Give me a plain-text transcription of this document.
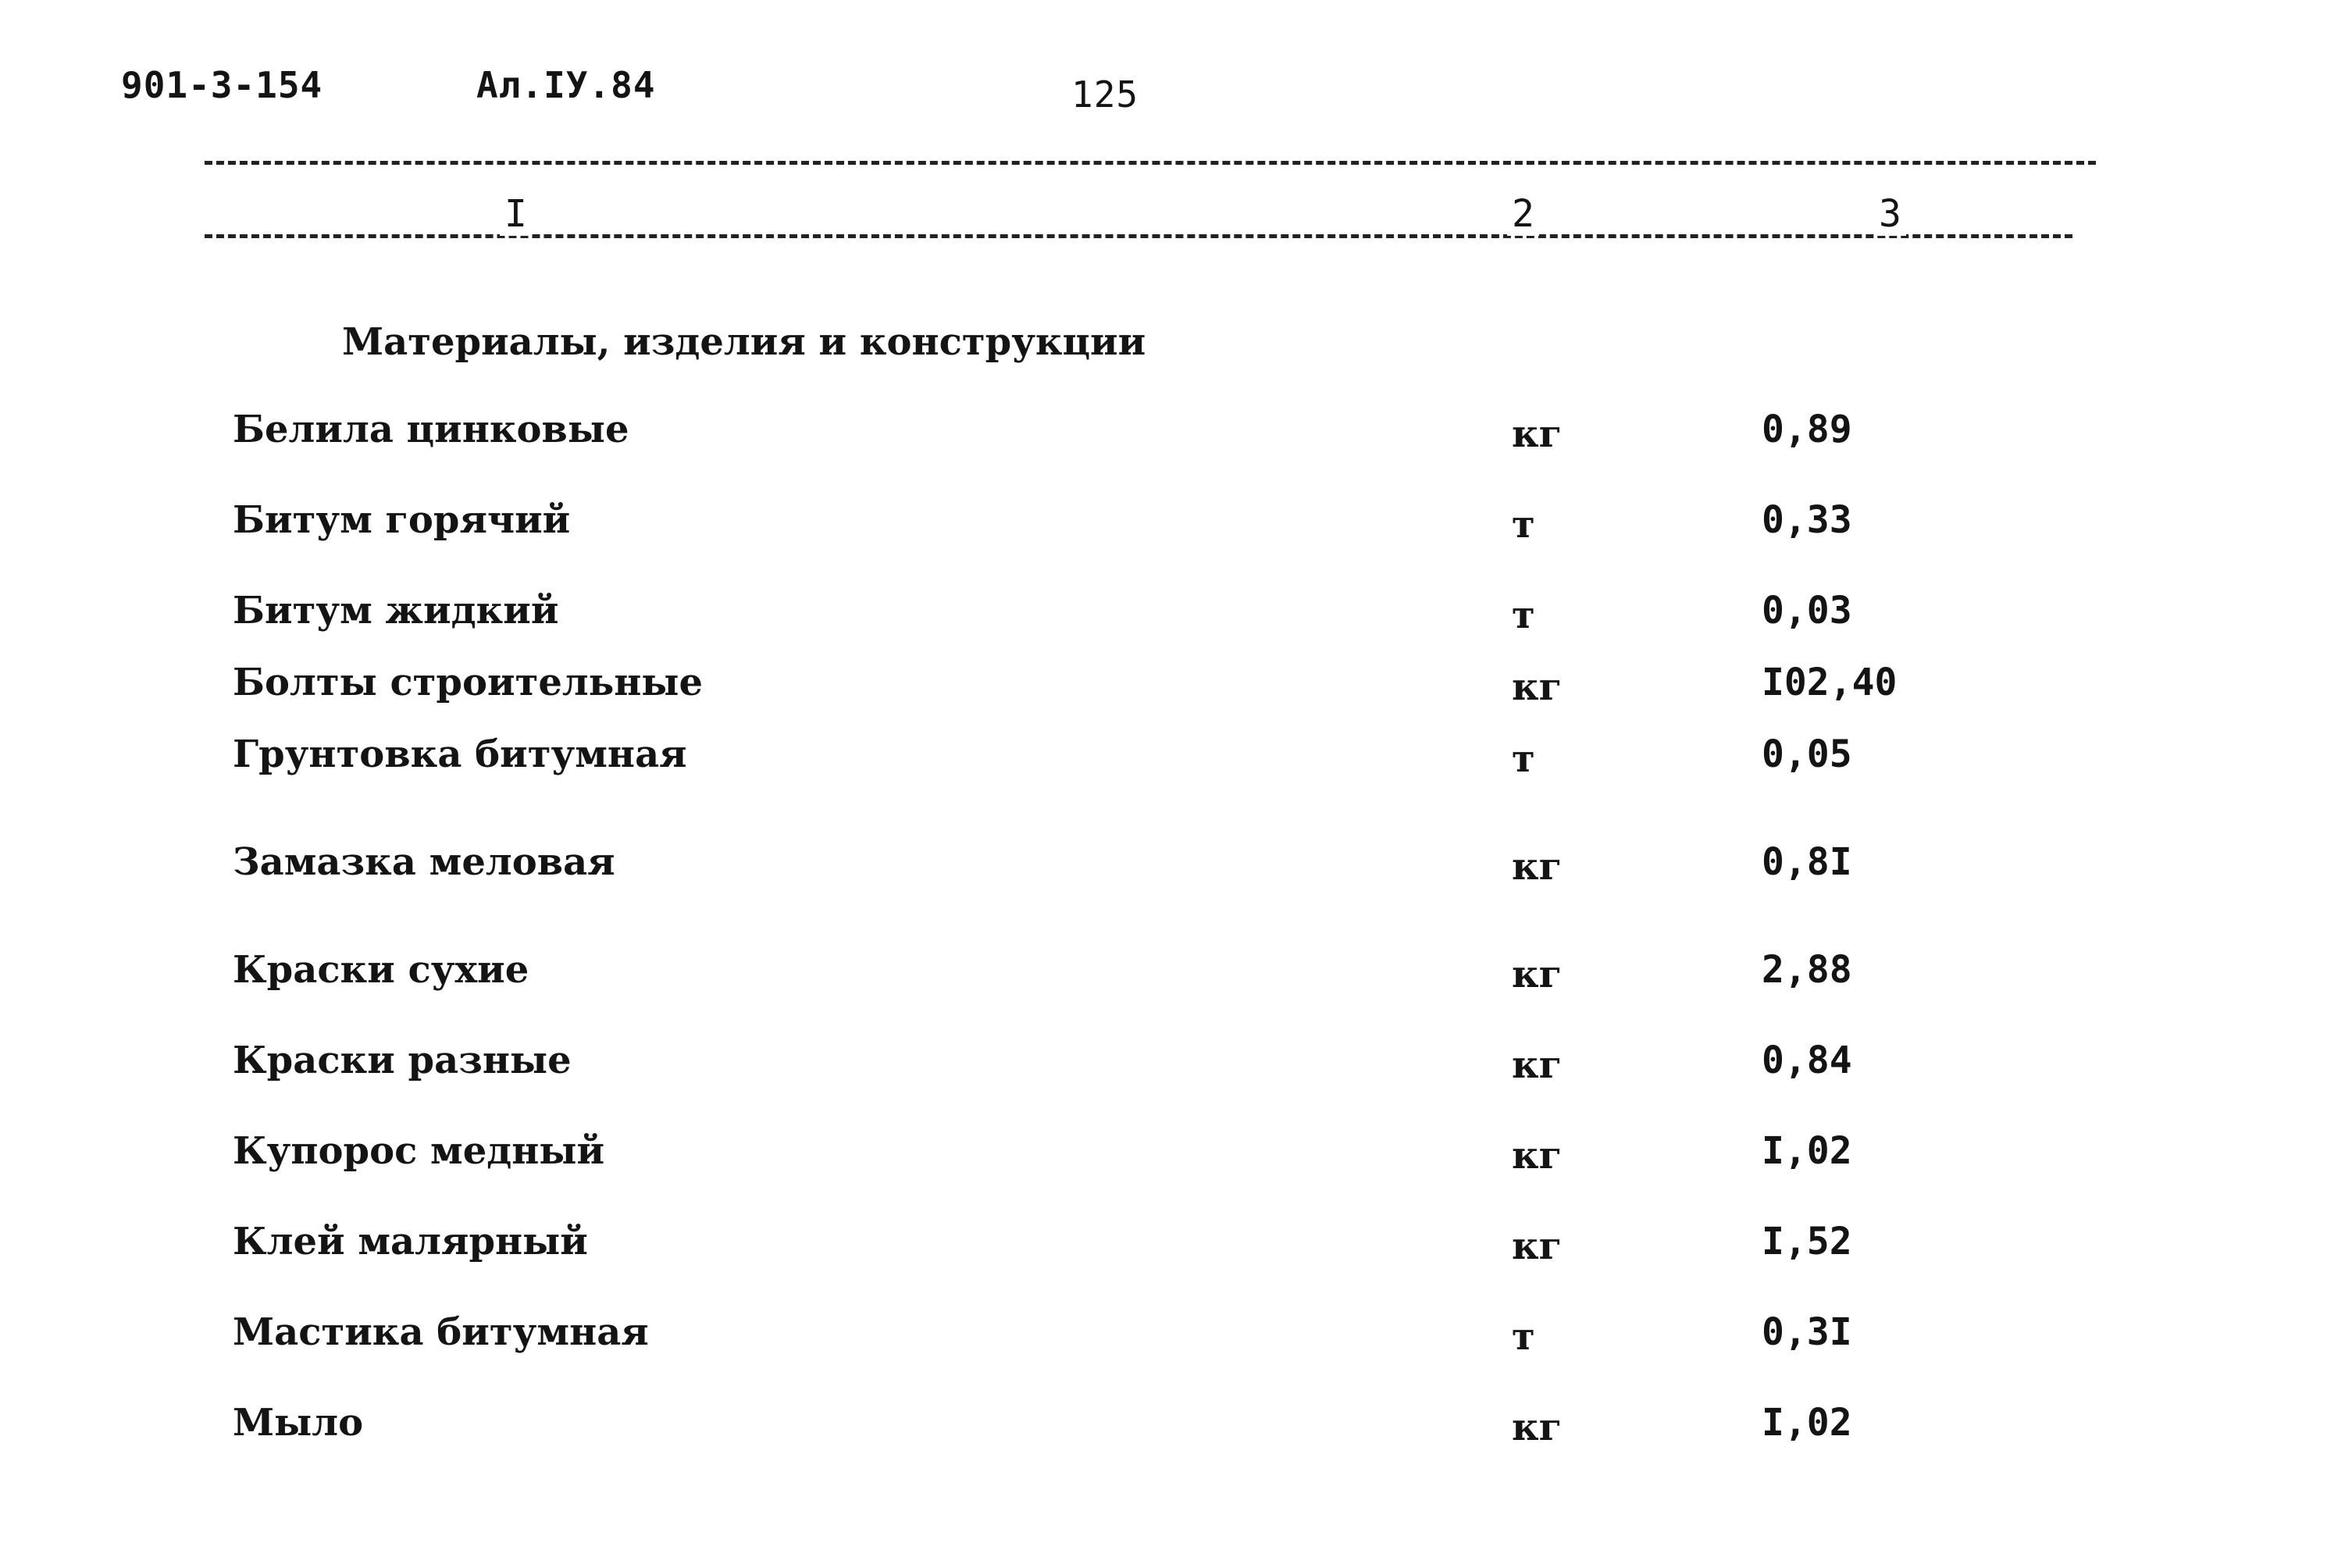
901-3-154	Ал.IУ.84	125
I	2	3
Материалы, изделия и конструкции
Белила цинковые	кг	0,89
Битум горячий	т	0,33
Битум жидкий	т	0,03
Болты строительные	кг	I02,40
Грунтовка битумная	т	0,05
Замазка меловая	кг	0,8I
Краски сухие	кг	2,88
Краски разные	кг	0,84
Купорос медный	кг	I,02
Клей малярный	кг	I,52
Мастика битумная	т	0,3I
Мыло	кг	I,02
